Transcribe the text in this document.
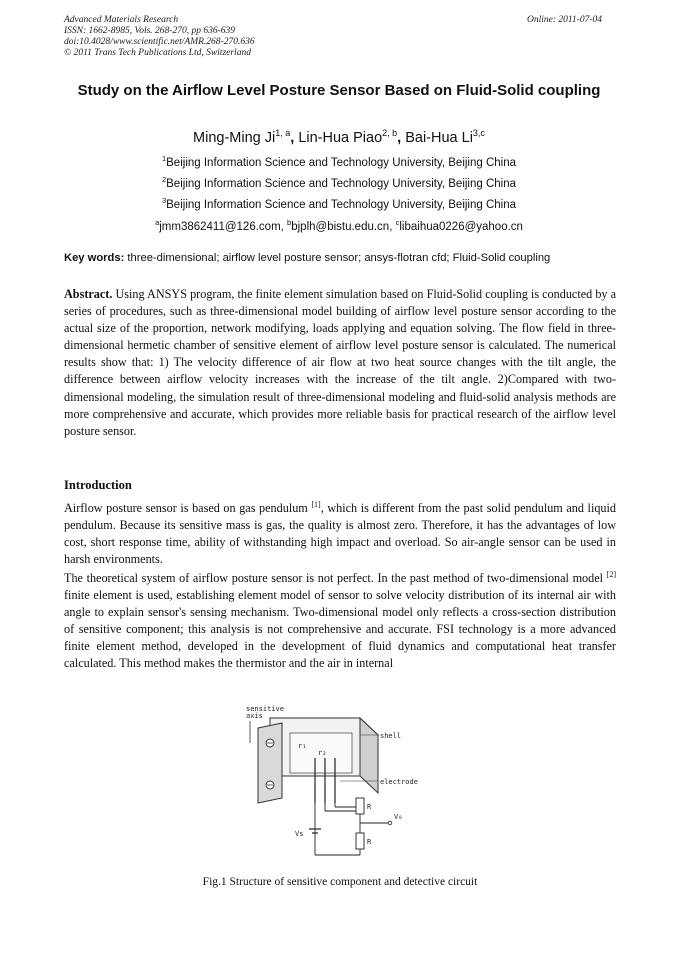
Advanced Materials Research
ISSN: 1662-8985, Vols. 268-270, pp 636-639
doi:10.4028/www.scientific.net/AMR.268-270.636
© 2011 Trans Tech Publications Ltd, Switzerland
Online: 2011-07-04
Study on the Airflow Level Posture Sensor Based on Fluid-Solid coupling
Ming-Ming Ji$^{1, a}$, Lin-Hua Piao$^{2, b}$, Bai-Hua Li$^{3,c}$
$^1$Beijing Information Science and Technology University, Beijing China
$^2$Beijing Information Science and Technology University, Beijing China
$^3$Beijing Information Science and Technology University, Beijing China
$^a$jmm3862411@126.com, $^b$bjplh@bistu.edu.cn, $^c$libaihua0226@yahoo.cn
Key words: three-dimensional; airflow level posture sensor; ansys-flotran cfd; Fluid-Solid coupling
Abstract. Using ANSYS program, the finite element simulation based on Fluid-Solid coupling is conducted by a series of procedures, such as three-dimensional model building of airflow level posture sensor according to the actual size of the proportion, network modifying, loads applying and equation solving. The flow field in three-dimensional hermetic chamber of sensitive element of airflow level posture sensor is calculated. The numerical results show that: 1) The velocity difference of air flow at two heat source changes with the tilt angle, the difference between airflow velocity increases with the increase of the tilt angle. 2)Compared with two-dimensional modeling, the simulation result of three-dimensional modeling and fluid-solid analysis methods are more comprehensive and accurate, which provides more reliable basis for practical research of the airflow level posture sensor.
Introduction
Airflow posture sensor is based on gas pendulum [1], which is different from the past solid pendulum and liquid pendulum. Because its sensitive mass is gas, the quality is almost zero. Therefore, it has the advantages of low cost, short response time, ability of withstanding high impact and overload. So air-angle sensor can be used in harsh environments.
The theoretical system of airflow posture sensor is not perfect. In the past method of two-dimensional model [2] finite element is used, establishing element model of sensor to solve velocity distribution of its internal air with angle to explain sensor's sensing mechanism. Two-dimensional model only reflects a cross-section distribution of sensitive component; this analysis is not comprehensive and accurate. FSI technology is a more advanced finite element method, developed in the development of fluid dynamics and computational heat transfer calculated. This method makes the thermistor and the air in internal
sensitive
axis
r₁
r₂
shell
electrode
R
R
V₀
Vs
Fig.1 Structure of sensitive component and detective circuit
